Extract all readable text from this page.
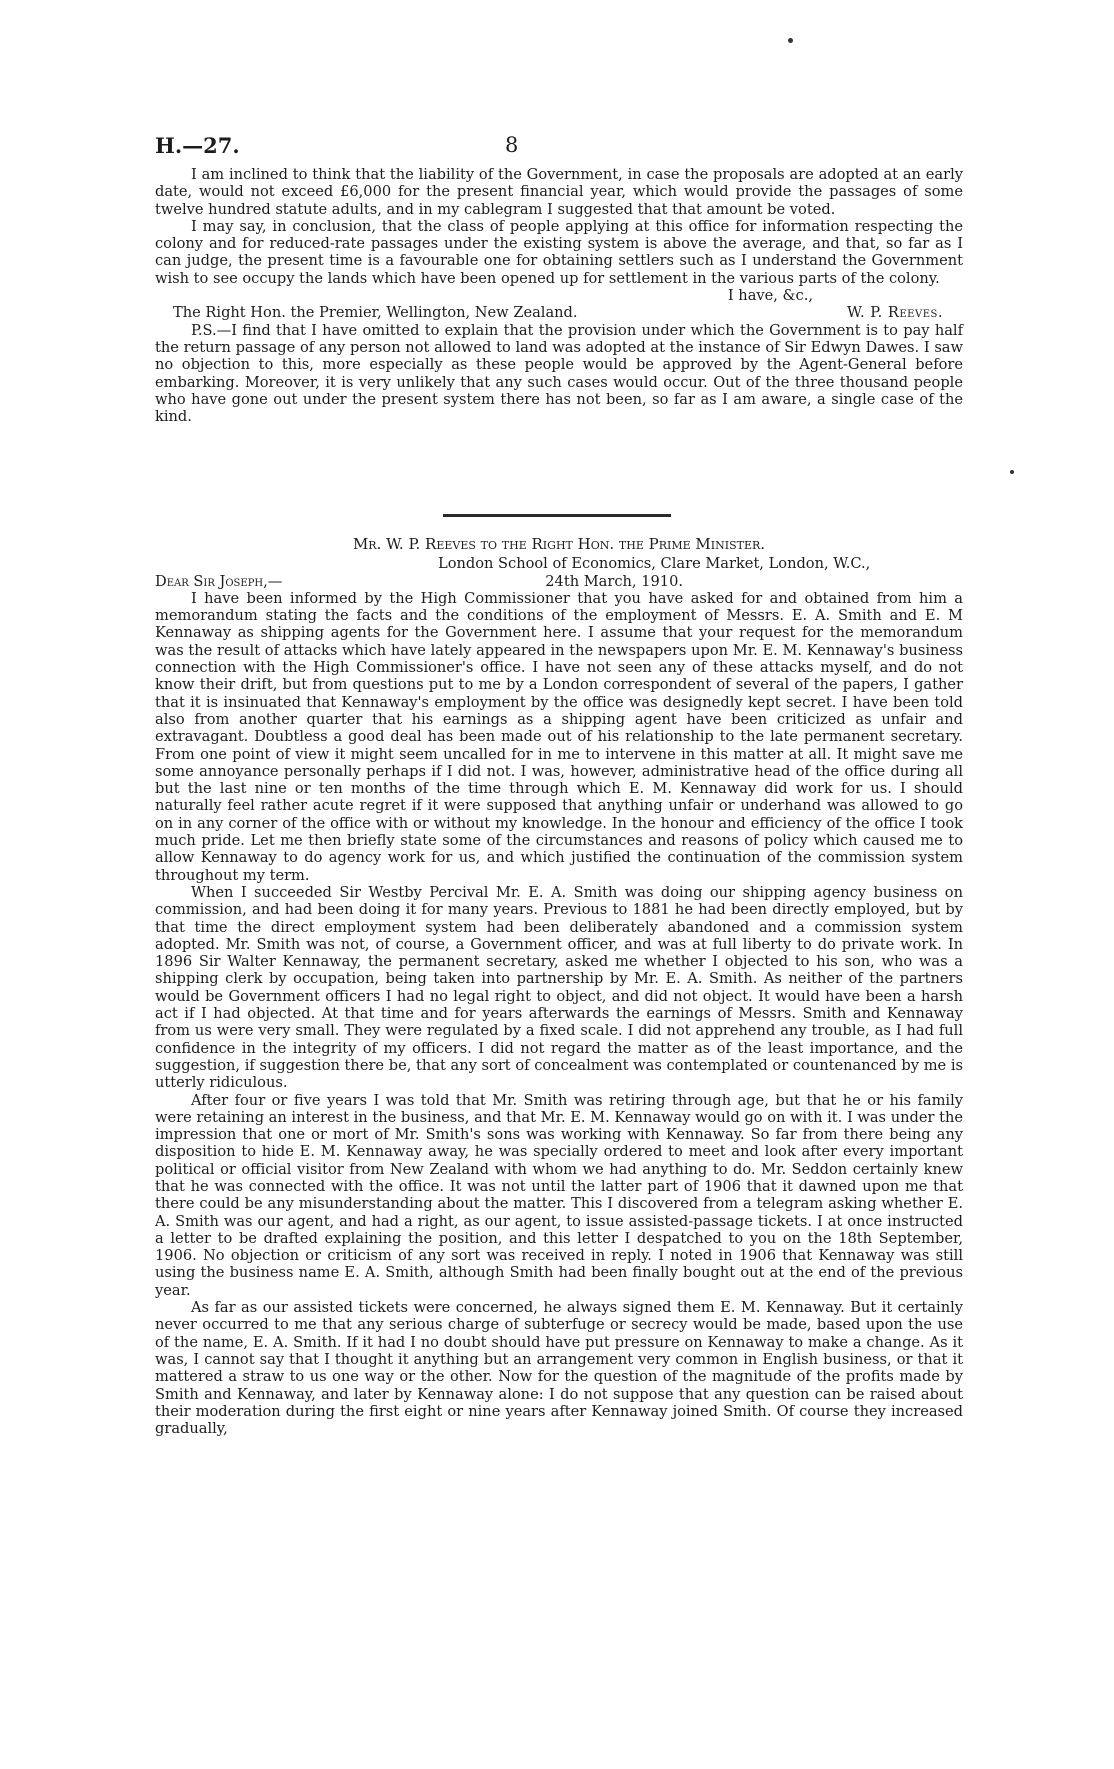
H.—27.	8

I am inclined to think that the liability of the Government, in case the proposals are adopted at an early date, would not exceed £6,000 for the present financial year, which would provide the passages of some twelve hundred statute adults, and in my cablegram I suggested that that amount be voted.

I may say, in conclusion, that the class of people applying at this office for information respecting the colony and for reduced-rate passages under the existing system is above the average, and that, so far as I can judge, the present time is a favourable one for obtaining settlers such as I understand the Government wish to see occupy the lands which have been opened up for settlement in the various parts of the colony.

I have, &c.,
The Right Hon. the Premier, Wellington, New Zealand.	W. P. Reeves.

P.S.—I find that I have omitted to explain that the provision under which the Government is to pay half the return passage of any person not allowed to land was adopted at the instance of Sir Edwyn Dawes. I saw no objection to this, more especially as these people would be approved by the Agent-General before embarking. Moreover, it is very unlikely that any such cases would occur. Out of the three thousand people who have gone out under the present system there has not been, so far as I am aware, a single case of the kind.

Mr. W. P. Reeves to the Right Hon. the Prime Minister.
London School of Economics, Clare Market, London, W.C.,
Dear Sir Joseph,—	24th March, 1910.

I have been informed by the High Commissioner that you have asked for and obtained from him a memorandum stating the facts and the conditions of the employment of Messrs. E. A. Smith and E. M Kennaway as shipping agents for the Government here. I assume that your request for the memorandum was the result of attacks which have lately appeared in the newspapers upon Mr. E. M. Kennaway's business connection with the High Commissioner's office. I have not seen any of these attacks myself, and do not know their drift, but from questions put to me by a London correspondent of several of the papers, I gather that it is insinuated that Kennaway's employment by the office was designedly kept secret. I have been told also from another quarter that his earnings as a shipping agent have been criticized as unfair and extravagant. Doubtless a good deal has been made out of his relationship to the late permanent secretary. From one point of view it might seem uncalled for in me to intervene in this matter at all. It might save me some annoyance personally perhaps if I did not. I was, however, administrative head of the office during all but the last nine or ten months of the time through which E. M. Kennaway did work for us. I should naturally feel rather acute regret if it were supposed that anything unfair or underhand was allowed to go on in any corner of the office with or without my knowledge. In the honour and efficiency of the office I took much pride. Let me then briefly state some of the circumstances and reasons of policy which caused me to allow Kennaway to do agency work for us, and which justified the continuation of the commission system throughout my term.

When I succeeded Sir Westby Percival Mr. E. A. Smith was doing our shipping agency business on commission, and had been doing it for many years. Previous to 1881 he had been directly employed, but by that time the direct employment system had been deliberately abandoned and a commission system adopted. Mr. Smith was not, of course, a Government officer, and was at full liberty to do private work. In 1896 Sir Walter Kennaway, the permanent secretary, asked me whether I objected to his son, who was a shipping clerk by occupation, being taken into partnership by Mr. E. A. Smith. As neither of the partners would be Government officers I had no legal right to object, and did not object. It would have been a harsh act if I had objected. At that time and for years afterwards the earnings of Messrs. Smith and Kennaway from us were very small. They were regulated by a fixed scale. I did not apprehend any trouble, as I had full confidence in the integrity of my officers. I did not regard the matter as of the least importance, and the suggestion, if suggestion there be, that any sort of concealment was contemplated or countenanced by me is utterly ridiculous.

After four or five years I was told that Mr. Smith was retiring through age, but that he or his family were retaining an interest in the business, and that Mr. E. M. Kennaway would go on with it. I was under the impression that one or mort of Mr. Smith's sons was working with Kennaway. So far from there being any disposition to hide E. M. Kennaway away, he was specially ordered to meet and look after every important political or official visitor from New Zealand with whom we had anything to do. Mr. Seddon certainly knew that he was connected with the office. It was not until the latter part of 1906 that it dawned upon me that there could be any misunderstanding about the matter. This I discovered from a telegram asking whether E. A. Smith was our agent, and had a right, as our agent, to issue assisted-passage tickets. I at once instructed a letter to be drafted explaining the position, and this letter I despatched to you on the 18th September, 1906. No objection or criticism of any sort was received in reply. I noted in 1906 that Kennaway was still using the business name E. A. Smith, although Smith had been finally bought out at the end of the previous year.

As far as our assisted tickets were concerned, he always signed them E. M. Kennaway. But it certainly never occurred to me that any serious charge of subterfuge or secrecy would be made, based upon the use of the name, E. A. Smith. If it had I no doubt should have put pressure on Kennaway to make a change. As it was, I cannot say that I thought it anything but an arrangement very common in English business, or that it mattered a straw to us one way or the other. Now for the question of the magnitude of the profits made by Smith and Kennaway, and later by Kennaway alone: I do not suppose that any question can be raised about their moderation during the first eight or nine years after Kennaway joined Smith. Of course they increased gradually,
